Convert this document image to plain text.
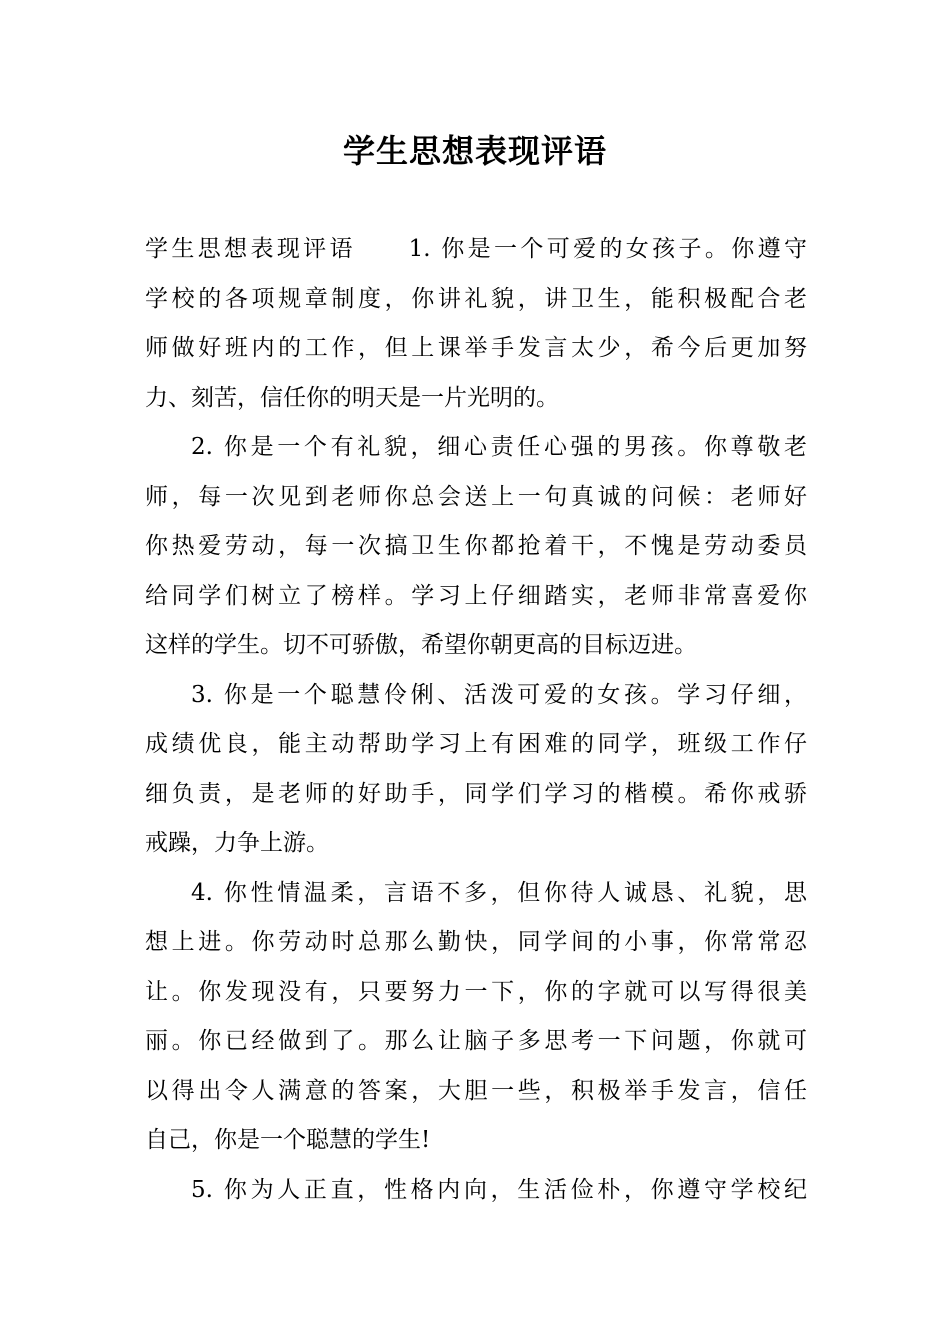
学生思想表现评语
学生思想表现评语　　1. 你是一个可爱的女孩子。你遵守
学校的各项规章制度，你讲礼貌，讲卫生，能积极配合老
师做好班内的工作，但上课举手发言太少，希今后更加努
力、刻苦，信任你的明天是一片光明的。
2. 你是一个有礼貌，细心责任心强的男孩。你尊敬老
师，每一次见到老师你总会送上一句真诚的问候：老师好
你热爱劳动，每一次搞卫生你都抢着干，不愧是劳动委员
给同学们树立了榜样。学习上仔细踏实，老师非常喜爱你
这样的学生。切不可骄傲，希望你朝更高的目标迈进。
3. 你是一个聪慧伶俐、活泼可爱的女孩。学习仔细，
成绩优良，能主动帮助学习上有困难的同学，班级工作仔
细负责，是老师的好助手，同学们学习的楷模。希你戒骄
戒躁，力争上游。
4. 你性情温柔，言语不多，但你待人诚恳、礼貌，思
想上进。你劳动时总那么勤快，同学间的小事，你常常忍
让。你发现没有，只要努力一下，你的字就可以写得很美
丽。你已经做到了。那么让脑子多思考一下问题，你就可
以得出令人满意的答案，大胆一些，积极举手发言，信任
自己，你是一个聪慧的学生!
5. 你为人正直，性格内向，生活俭朴，你遵守学校纪
